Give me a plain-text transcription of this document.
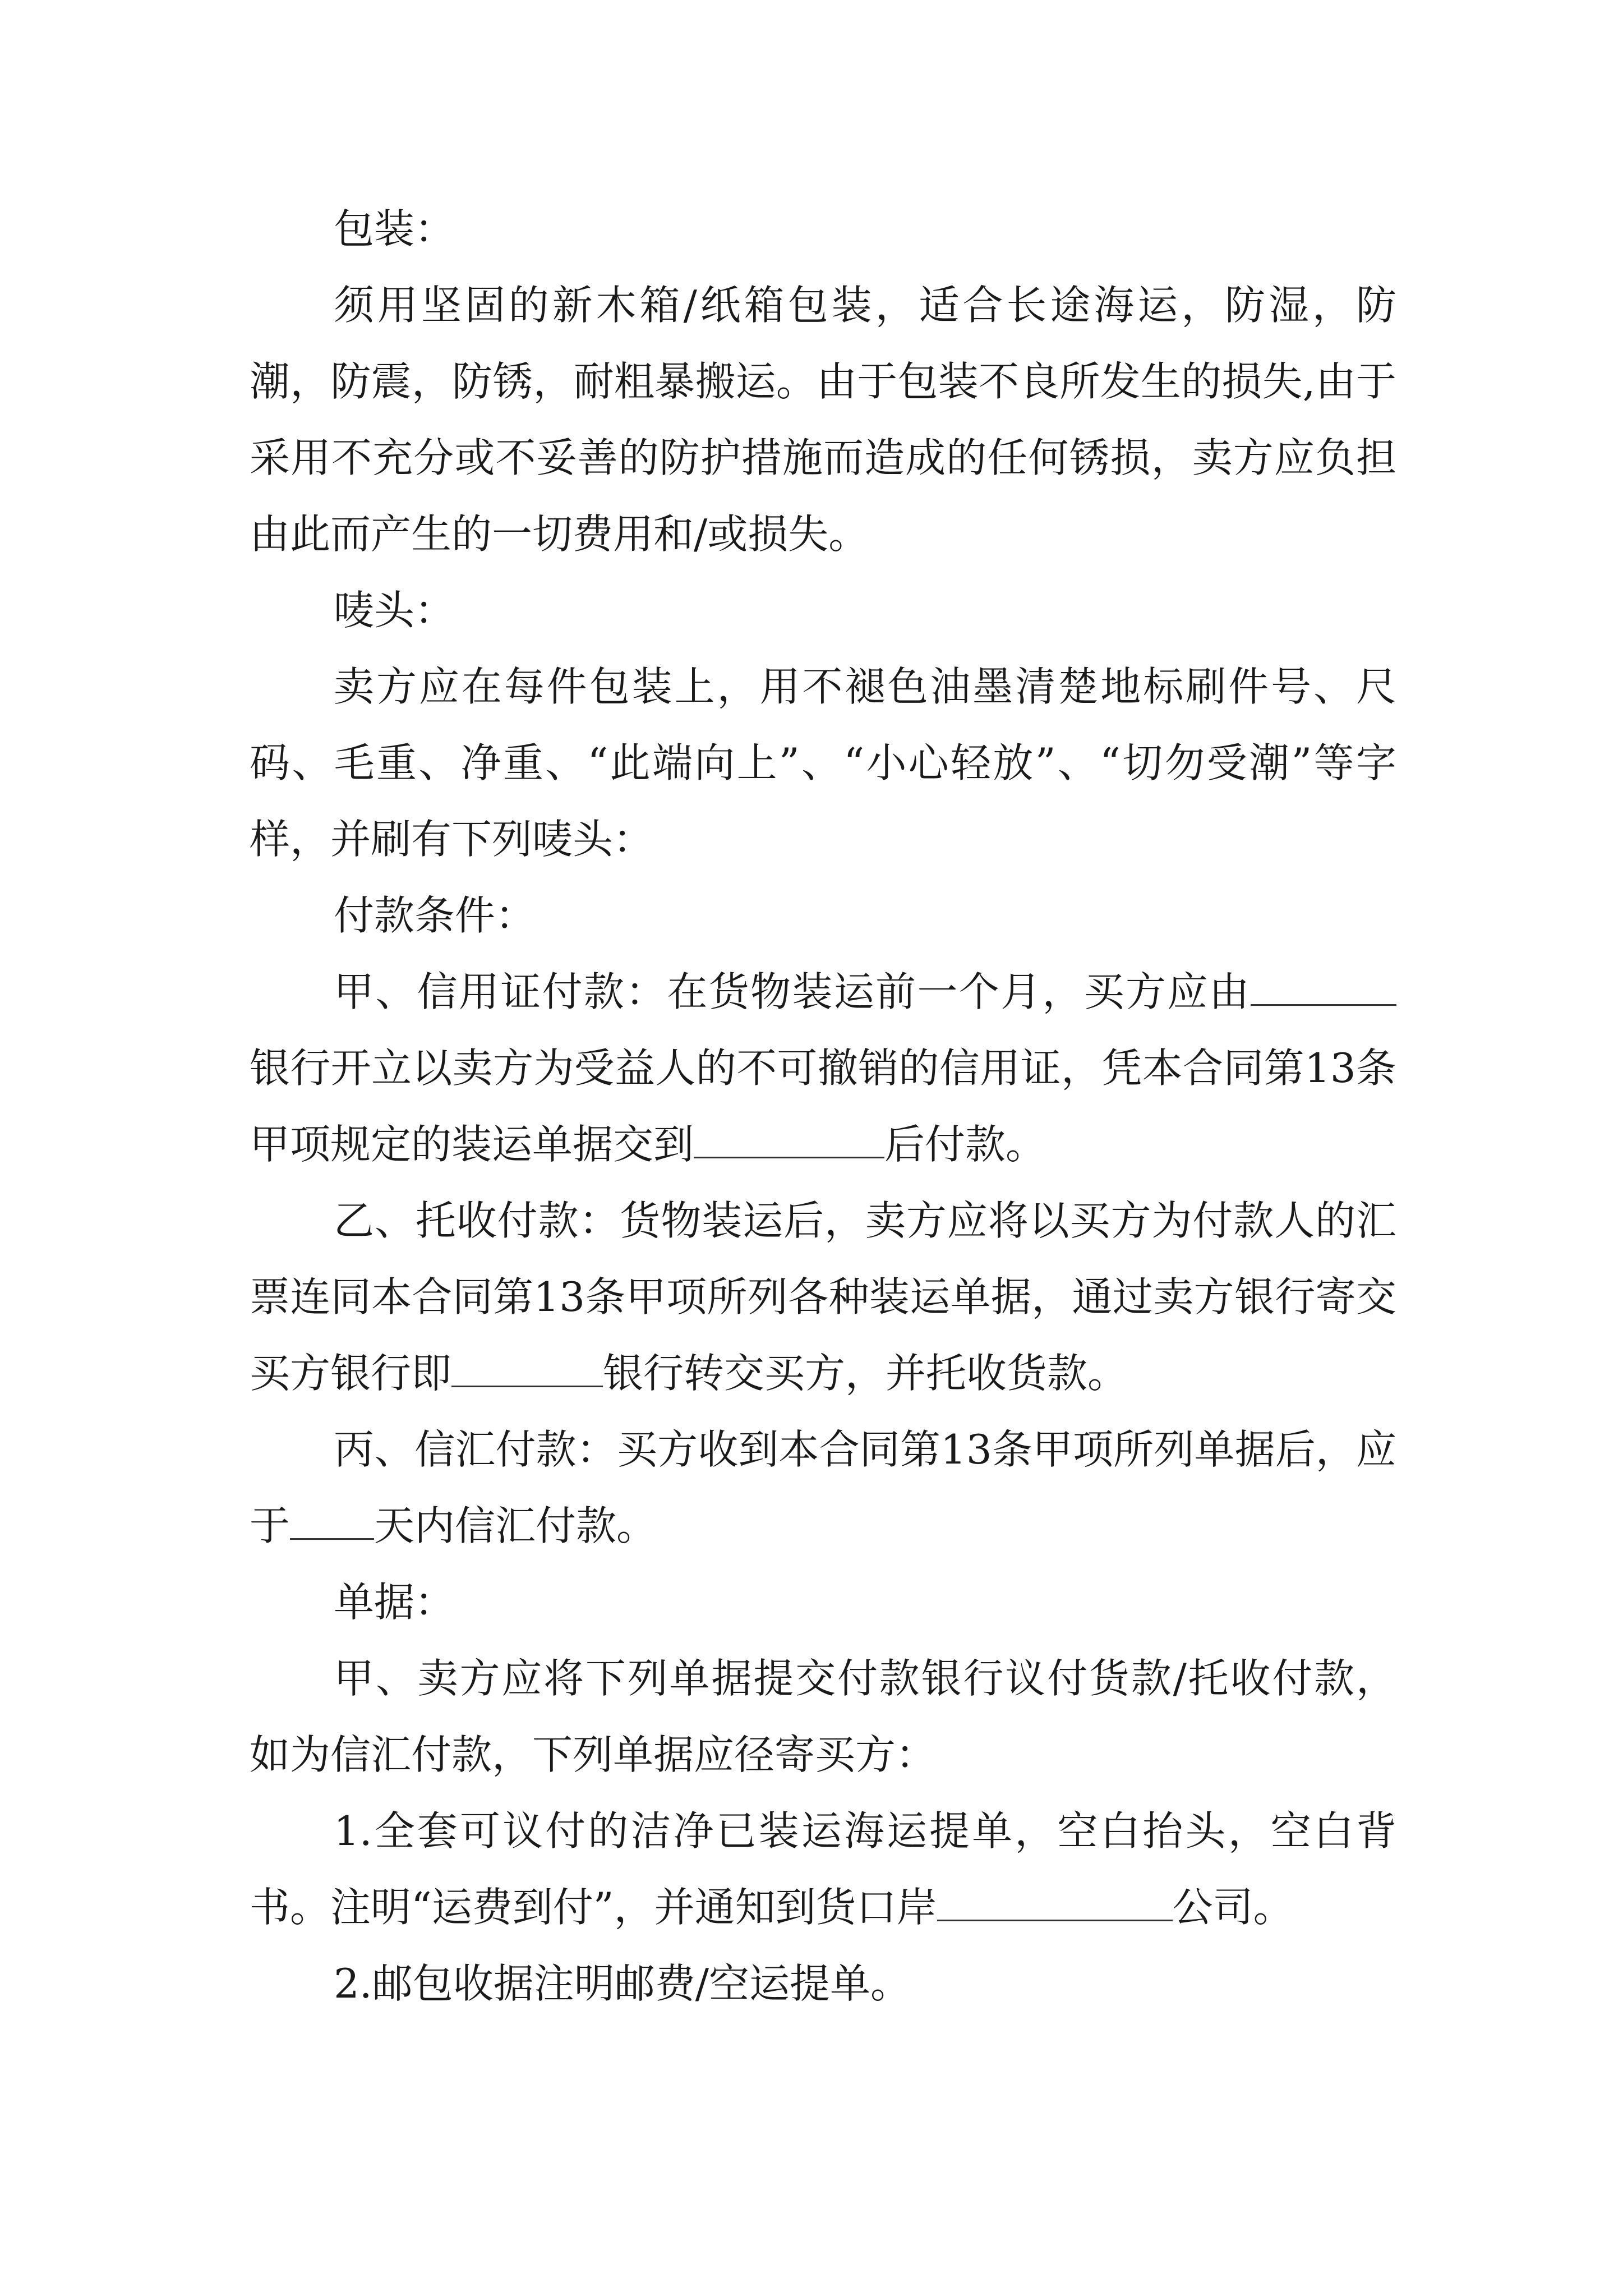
包装：

须用坚固的新木箱/纸箱包装，适合长途海运，防湿，防潮，防震，防锈，耐粗暴搬运。由于包装不良所发生的损失,由于采用不充分或不妥善的防护措施而造成的任何锈损，卖方应负担由此而产生的一切费用和/或损失。

唛头：

卖方应在每件包装上，用不褪色油墨清楚地标刷件号、尺码、毛重、净重、“此端向上”、“小心轻放”、“切勿受潮”等字样，并刷有下列唛头：

付款条件：

甲、信用证付款：在货物装运前一个月，买方应由银行开立以卖方为受益人的不可撤销的信用证，凭本合同第13条甲项规定的装运单据交到	后付款。

乙、托收付款：货物装运后，卖方应将以买方为付款人的汇票连同本合同第13条甲项所列各种装运单据，通过卖方银行寄交买方银行即	银行转交买方，并托收货款。

丙、信汇付款：买方收到本合同第13条甲项所列单据后，应于 天内信汇付款。

单据：

甲、卖方应将下列单据提交付款银行议付货款/托收付款，如为信汇付款，下列单据应径寄买方：

1.全套可议付的洁净已装运海运提单，空白抬头，空白背书。注明“运费到付”，并通知到货口岸	公司。

2.邮包收据注明邮费/空运提单。
